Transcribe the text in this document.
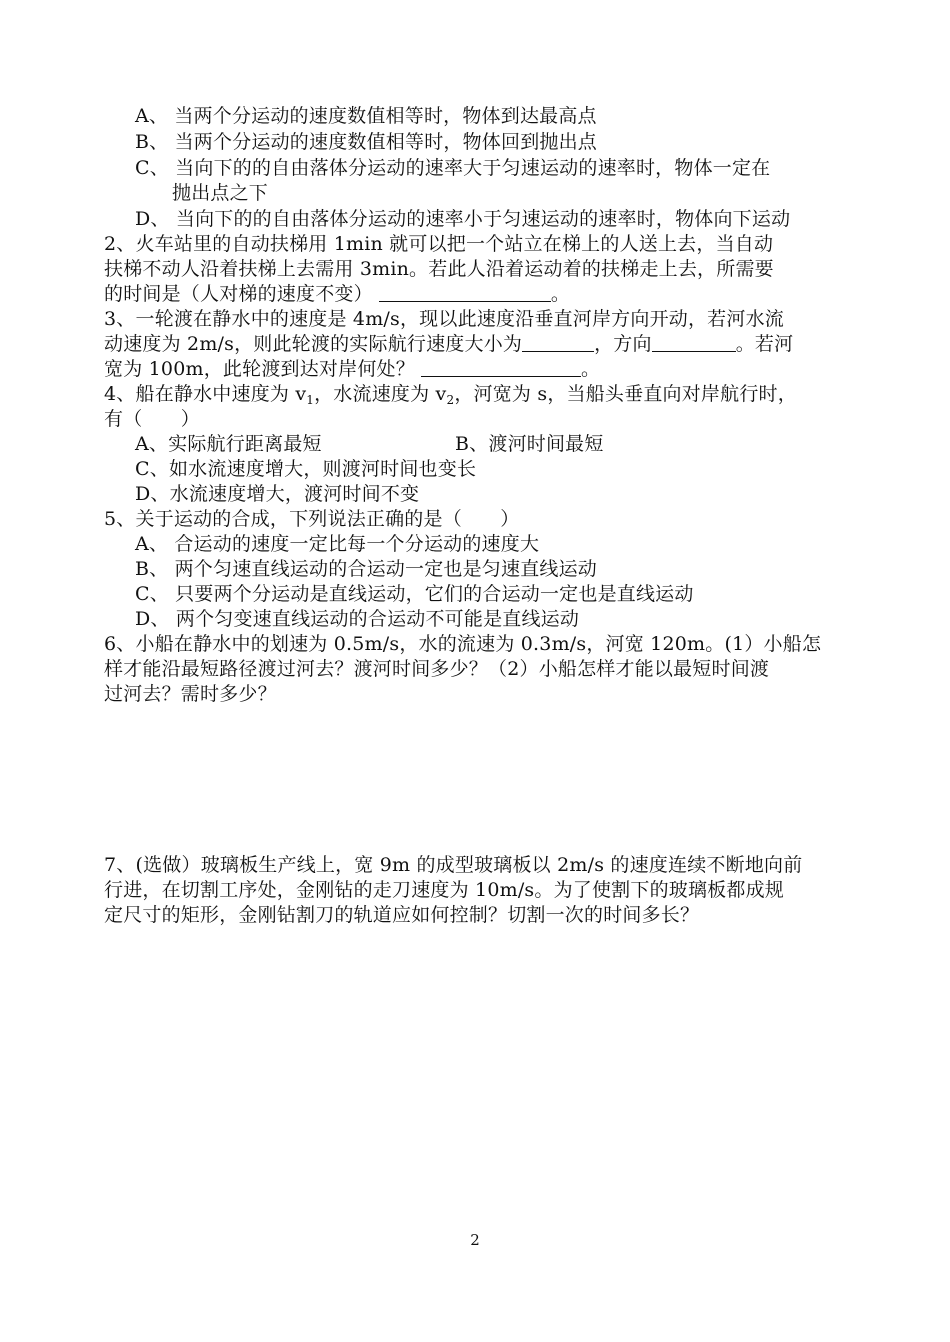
A、 当两个分运动的速度数值相等时，物体到达最高点
B、 当两个分运动的速度数值相等时，物体回到抛出点
C、 当向下的的自由落体分运动的速率大于匀速运动的速率时，物体一定在
抛出点之下
D、 当向下的的自由落体分运动的速率小于匀速运动的速率时，物体向下运动
2、火车站里的自动扶梯用 1min 就可以把一个站立在梯上的人送上去，当自动
扶梯不动人沿着扶梯上去需用 3min。若此人沿着运动着的扶梯走上去，所需要
的时间是（人对梯的速度不变）	。
3、一轮渡在静水中的速度是 4m/s，现以此速度沿垂直河岸方向开动，若河水流
动速度为 2m/s，则此轮渡的实际航行速度大小为	，方向	。若河
宽为 100m，此轮渡到达对岸何处？	。
4、船在静水中速度为 $v_1$，水流速度为 $v_2$，河宽为 s，当船头垂直向对岸航行时，
有（　　）
A、实际航行距离最短	B、渡河时间最短
C、如水流速度增大，则渡河时间也变长
D、水流速度增大，渡河时间不变
5、关于运动的合成，下列说法正确的是（　　）
A、 合运动的速度一定比每一个分运动的速度大
B、 两个匀速直线运动的合运动一定也是匀速直线运动
C、 只要两个分运动是直线运动，它们的合运动一定也是直线运动
D、 两个匀变速直线运动的合运动不可能是直线运动
6、小船在静水中的划速为 0.5m/s，水的流速为 0.3m/s，河宽 120m。(1）小船怎
样才能沿最短路径渡过河去？渡河时间多少？（2）小船怎样才能以最短时间渡
过河去？需时多少？
7、(选做）玻璃板生产线上，宽 9m 的成型玻璃板以 2m/s 的速度连续不断地向前
行进，在切割工序处，金刚钻的走刀速度为 10m/s。为了使割下的玻璃板都成规
定尺寸的矩形，金刚钻割刀的轨道应如何控制？切割一次的时间多长？
2
